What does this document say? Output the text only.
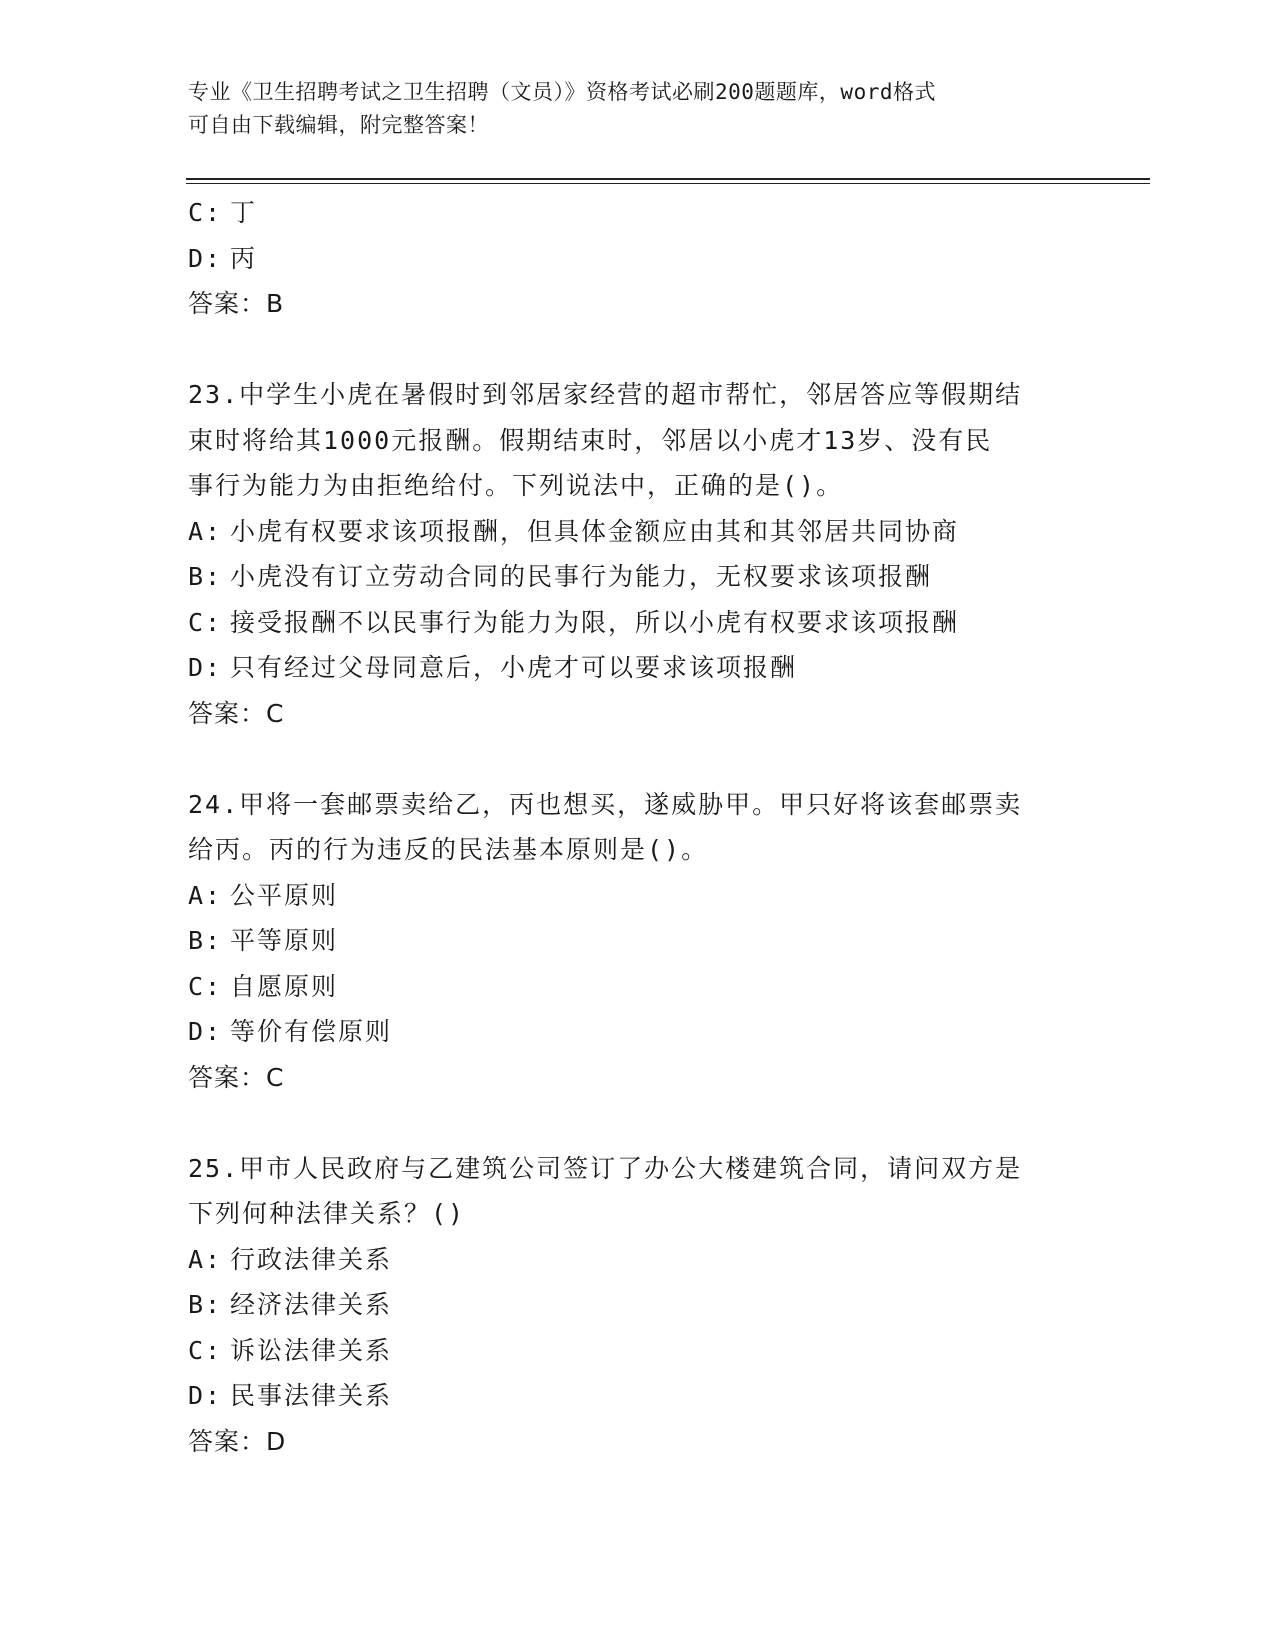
专业《卫生招聘考试之卫生招聘（文员）》资格考试必刷200题题库，word格式
可自由下载编辑，附完整答案！
C: 丁
D: 丙
答案：B
23.中学生小虎在暑假时到邻居家经营的超市帮忙，邻居答应等假期结
束时将给其1000元报酬。假期结束时，邻居以小虎才13岁、没有民
事行为能力为由拒绝给付。下列说法中，正确的是()。
A: 小虎有权要求该项报酬，但具体金额应由其和其邻居共同协商
B: 小虎没有订立劳动合同的民事行为能力，无权要求该项报酬
C: 接受报酬不以民事行为能力为限，所以小虎有权要求该项报酬
D: 只有经过父母同意后，小虎才可以要求该项报酬
答案：C
24.甲将一套邮票卖给乙，丙也想买，遂威胁甲。甲只好将该套邮票卖
给丙。丙的行为违反的民法基本原则是()。
A: 公平原则
B: 平等原则
C: 自愿原则
D: 等价有偿原则
答案：C
25.甲市人民政府与乙建筑公司签订了办公大楼建筑合同，请问双方是
下列何种法律关系？()
A: 行政法律关系
B: 经济法律关系
C: 诉讼法律关系
D: 民事法律关系
答案：D
